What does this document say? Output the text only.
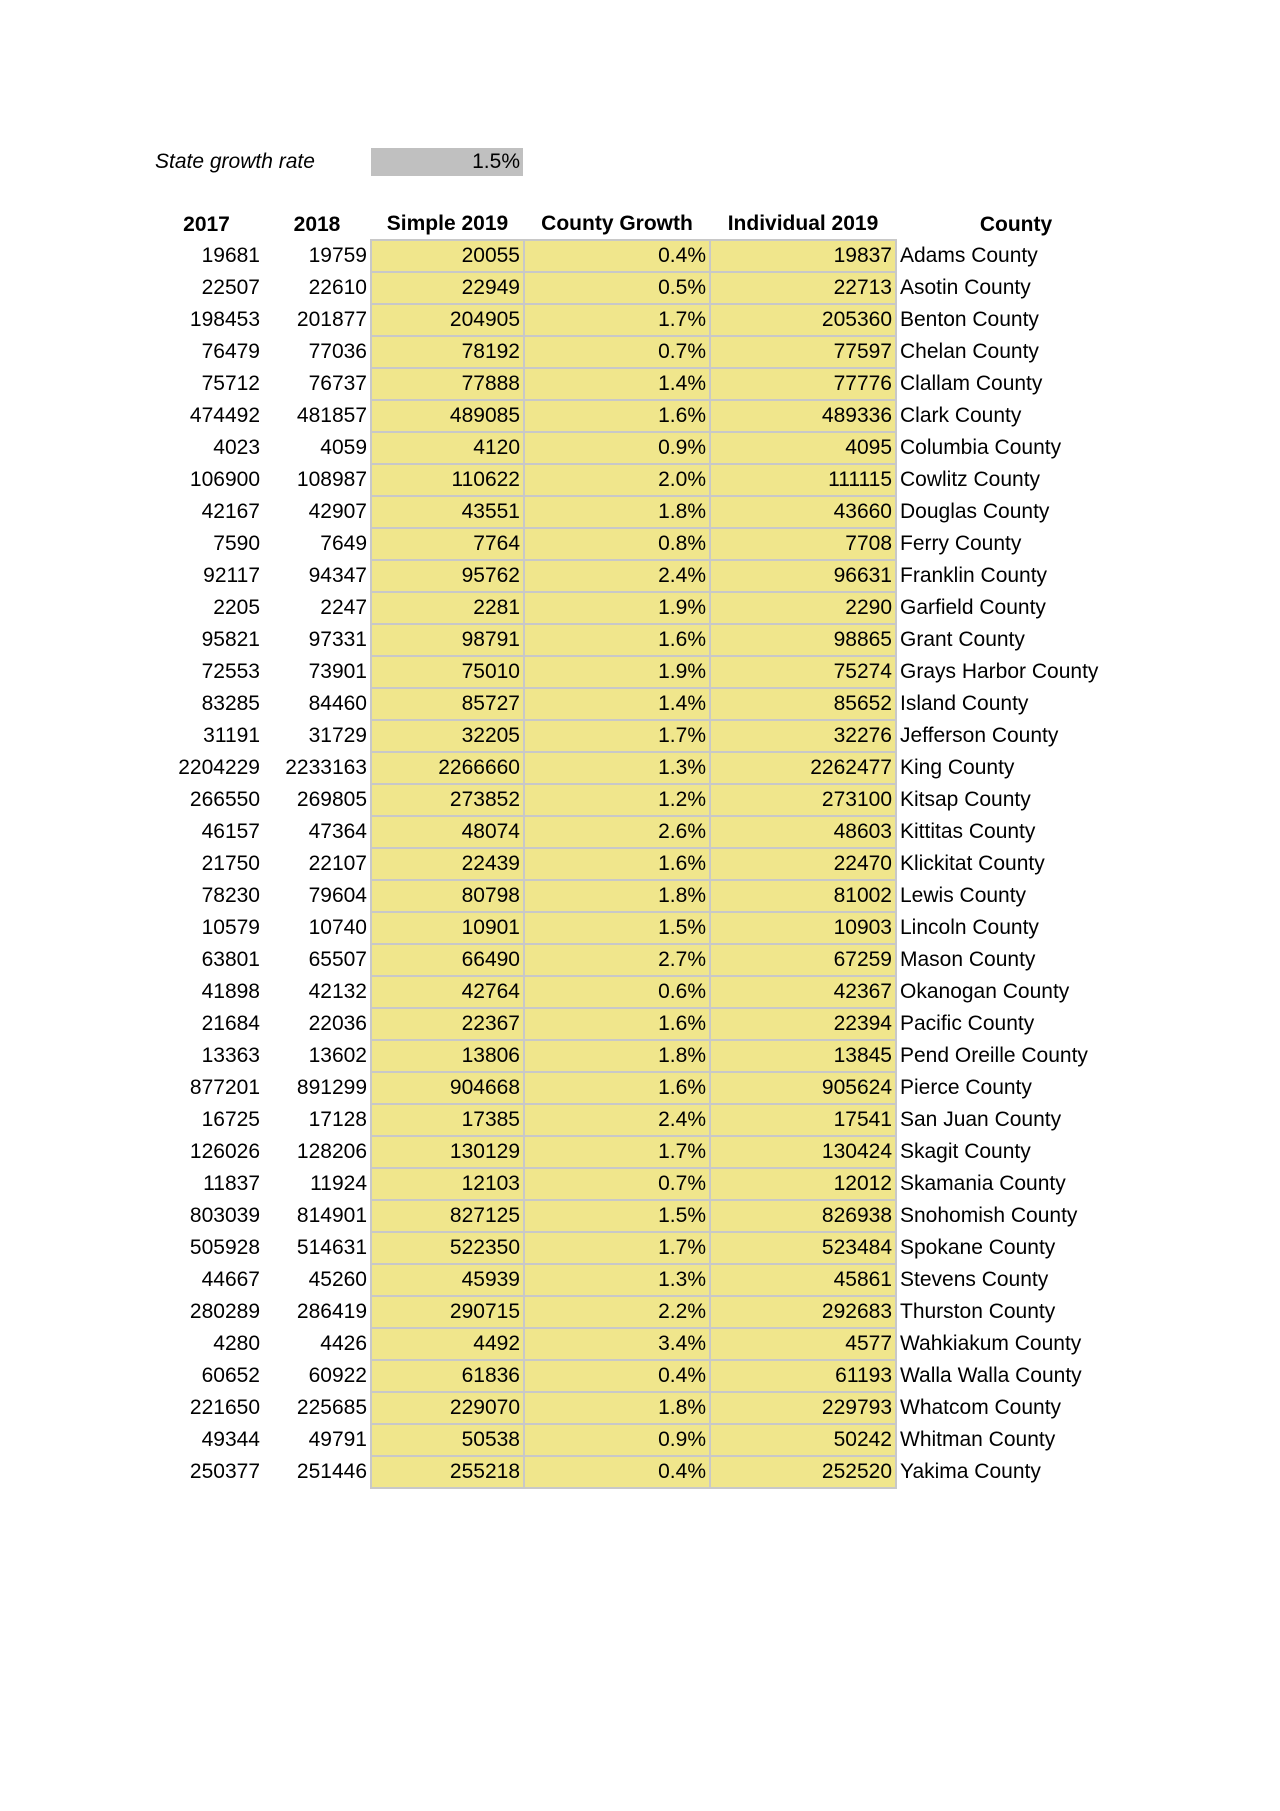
State growth rate	1.5%
2017	2018	Simple 2019	County Growth	Individual 2019	County
19681	19759	20055	0.4%	19837	Adams County
22507	22610	22949	0.5%	22713	Asotin County
198453	201877	204905	1.7%	205360	Benton County
76479	77036	78192	0.7%	77597	Chelan County
75712	76737	77888	1.4%	77776	Clallam County
474492	481857	489085	1.6%	489336	Clark County
4023	4059	4120	0.9%	4095	Columbia County
106900	108987	110622	2.0%	111115	Cowlitz County
42167	42907	43551	1.8%	43660	Douglas County
7590	7649	7764	0.8%	7708	Ferry County
92117	94347	95762	2.4%	96631	Franklin County
2205	2247	2281	1.9%	2290	Garfield County
95821	97331	98791	1.6%	98865	Grant County
72553	73901	75010	1.9%	75274	Grays Harbor County
83285	84460	85727	1.4%	85652	Island County
31191	31729	32205	1.7%	32276	Jefferson County
2204229	2233163	2266660	1.3%	2262477	King County
266550	269805	273852	1.2%	273100	Kitsap County
46157	47364	48074	2.6%	48603	Kittitas County
21750	22107	22439	1.6%	22470	Klickitat County
78230	79604	80798	1.8%	81002	Lewis County
10579	10740	10901	1.5%	10903	Lincoln County
63801	65507	66490	2.7%	67259	Mason County
41898	42132	42764	0.6%	42367	Okanogan County
21684	22036	22367	1.6%	22394	Pacific County
13363	13602	13806	1.8%	13845	Pend Oreille County
877201	891299	904668	1.6%	905624	Pierce County
16725	17128	17385	2.4%	17541	San Juan County
126026	128206	130129	1.7%	130424	Skagit County
11837	11924	12103	0.7%	12012	Skamania County
803039	814901	827125	1.5%	826938	Snohomish County
505928	514631	522350	1.7%	523484	Spokane County
44667	45260	45939	1.3%	45861	Stevens County
280289	286419	290715	2.2%	292683	Thurston County
4280	4426	4492	3.4%	4577	Wahkiakum County
60652	60922	61836	0.4%	61193	Walla Walla County
221650	225685	229070	1.8%	229793	Whatcom County
49344	49791	50538	0.9%	50242	Whitman County
250377	251446	255218	0.4%	252520	Yakima County
